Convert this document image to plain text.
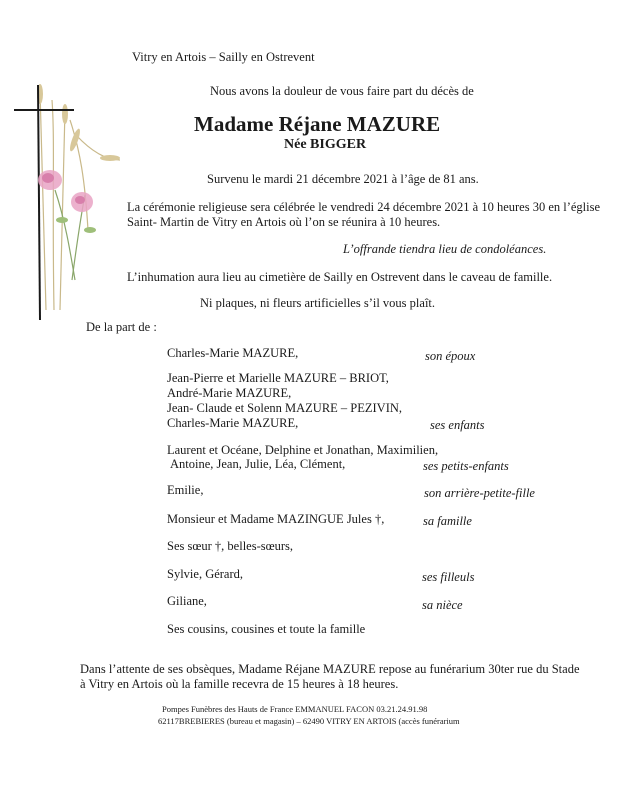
Vitry en Artois – Sailly en Ostrevent
Nous avons la douleur de vous faire part du décès de
Madame Réjane MAZURE
Née BIGGER
Survenu le mardi 21 décembre 2021 à l’âge de 81 ans.
La cérémonie religieuse sera célébrée le vendredi 24 décembre 2021 à 10 heures 30 en l’église
Saint- Martin de Vitry en Artois où l’on se réunira à 10 heures.
L’offrande tiendra lieu de condoléances.
L’inhumation aura lieu au cimetière de Sailly en Ostrevent dans le caveau de famille.
Ni plaques, ni fleurs artificielles s’il vous plaît.
De la part de :
Charles-Marie MAZURE,	son époux
Jean-Pierre et Marielle MAZURE – BRIOT,
André-Marie MAZURE,
Jean- Claude et Solenn MAZURE – PEZIVIN,
Charles-Marie MAZURE,	ses enfants
Laurent et Océane, Delphine et Jonathan, Maximilien,
Antoine, Jean, Julie, Léa, Clément,	ses petits-enfants
Emilie,	son arrière-petite-fille
Monsieur et Madame MAZINGUE Jules †,	sa famille
Ses sœur †, belles-sœurs,
Sylvie, Gérard,	ses filleuls
Giliane,	sa nièce
Ses cousins, cousines et toute la famille
Dans l’attente de ses obsèques, Madame Réjane MAZURE repose au funérarium 30ter rue du Stade
à Vitry en Artois où la famille recevra de 15 heures à 18 heures.
Pompes Funèbres des Hauts de France EMMANUEL FACON 03.21.24.91.98
62117BREBIERES (bureau et magasin) – 62490 VITRY EN ARTOIS (accès funérarium
